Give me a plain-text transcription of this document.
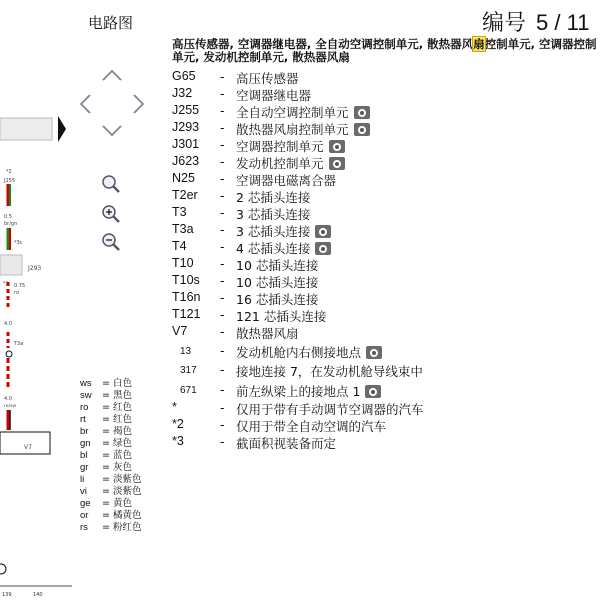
电路图	编号 5 / 11
*2
J255
0.5
br/gn
*3c
J293
*1 0.75
ro
4.0
T3a
4.0
ro/sw
V7
139	140
高压传感器, 空调器继电器, 全自动空调控制单元, 散热器风扇控制单元, 空调器控制单元, 发动机控制单元, 散热器风扇
G65 - 高压传感器
J32 - 空调器继电器
J255 - 全自动空调控制单元
J293 - 散热器风扇控制单元
J301 - 空调器控制单元
J623 - 发动机控制单元
N25 - 空调器电磁离合器
T2er - 2 芯插头连接
T3	- 3 芯插头连接
T3a - 3 芯插头连接
T4	- 4 芯插头连接
T10 - 10 芯插头连接
T10s - 10 芯插头连接
T16n - 16 芯插头连接
T121 - 121 芯插头连接
V7	- 散热器风扇
13 - 发动机舱内右侧接地点
317 - 接地连接 7，在发动机舱导线束中
671 - 前左纵梁上的接地点 1
*	- 仅用于带有手动调节空调器的汽车
*2	- 仅用于带全自动空调的汽车
*3	- 截面积视装备而定
ws = 白色
sw = 黑色
ro = 红色
rt = 红色
br = 褐色
gn = 绿色
bl = 蓝色
gr = 灰色
li = 淡紫色
vi = 淡紫色
ge = 黄色
or = 橘黄色
rs = 粉红色
